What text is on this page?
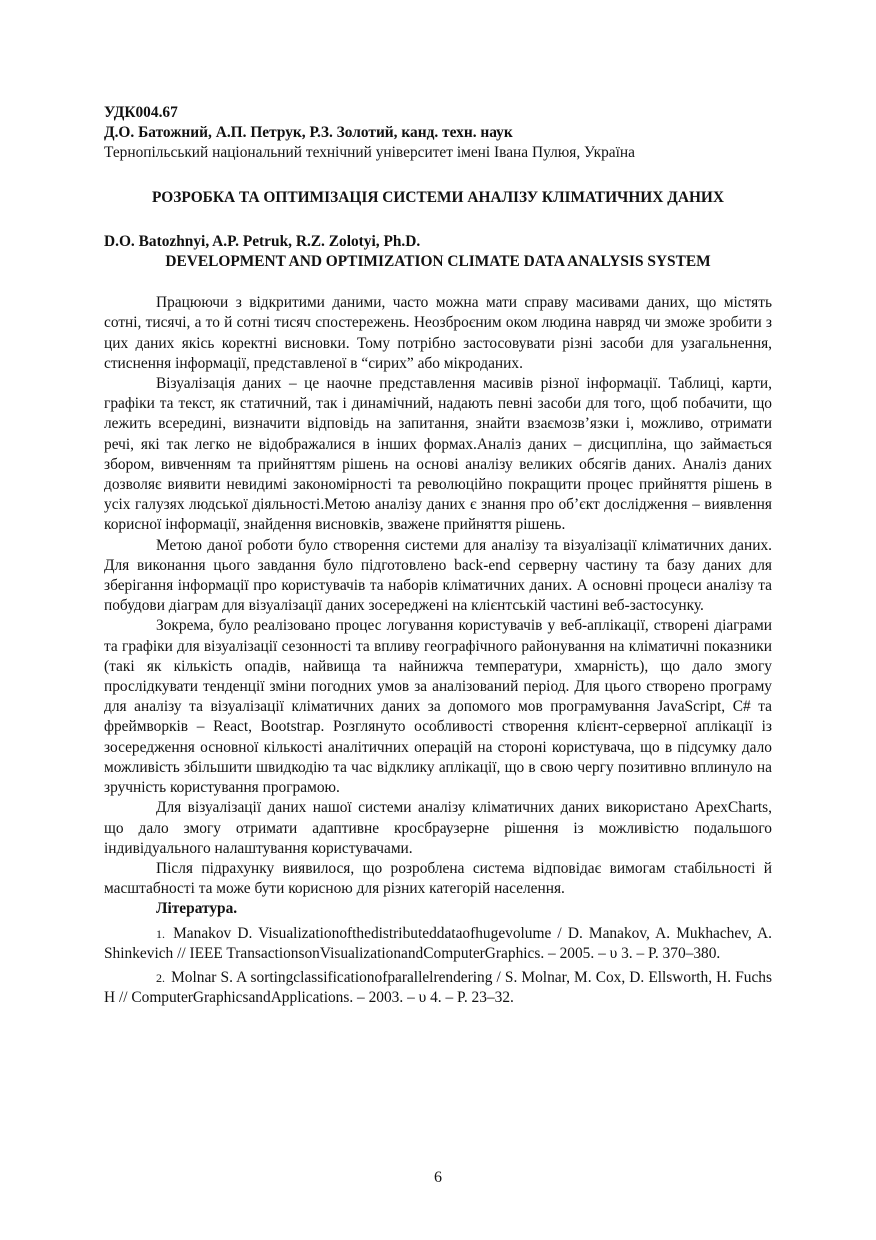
УДК004.67

Д.О. Батожний, А.П. Петрук, Р.З. Золотий, канд. техн. наук

Тернопільський національний технічний університет імені Івана Пулюя, Україна

РОЗРОБКА ТА ОПТИМІЗАЦІЯ СИСТЕМИ АНАЛІЗУ КЛІМАТИЧНИХ ДАНИХ

D.O. Batozhnyi, A.P. Petruk, R.Z. Zolotyi, Ph.D.

DEVELOPMENT AND OPTIMIZATION CLIMATE DATA ANALYSIS SYSTEM

Працюючи з відкритими даними, часто можна мати справу масивами даних, що містять сотні, тисячі, а то й сотні тисяч спостережень. Неозброєним оком людина навряд чи зможе зробити з цих даних якісь коректні висновки. Тому потрібно застосовувати різні засоби для узагальнення, стиснення інформації, представленої в “сирих” або мікроданих.

Візуалізація даних – це наочне представлення масивів різної інформації. Таблиці, карти, графіки та текст, як статичний, так і динамічний, надають певні засоби для того, щоб побачити, що лежить всередині, визначити відповідь на запитання, знайти взаємозв’язки і, можливо, отримати речі, які так легко не відображалися в інших формах.Аналіз даних – дисципліна, що займається збором, вивченням та прийняттям рішень на основі аналізу великих обсягів даних. Аналіз даних дозволяє виявити невидимі закономірності та революційно покращити процес прийняття рішень в усіх галузях людської діяльності.Метою аналізу даних є знання про об’єкт дослідження – виявлення корисної інформації, знайдення висновків, зважене прийняття рішень.

Метою даної роботи було створення системи для аналізу та візуалізації кліматичних даних. Для виконання цього завдання було підготовлено back-end серверну частину та базу даних для зберігання інформації про користувачів та наборів кліматичних даних. А основні процеси аналізу та побудови діаграм для візуалізації даних зосереджені на клієнтській частині веб-застосунку.

Зокрема, було реалізовано процес логування користувачів у веб-аплікації, створені діаграми та графіки для візуалізації сезонності та впливу географічного районування на кліматичні показники (такі як кількість опадів, найвища та найнижча температури, хмарність), що дало змогу прослідкувати тенденції зміни погодних умов за аналізований період. Для цього створено програму для аналізу та візуалізації кліматичних даних за допомого мов програмування JavaScript, C# та фреймворків – React, Bootstrap. Розглянуто особливості створення клієнт-серверної аплікації із зосередження основної кількості аналітичних операцій на стороні користувача, що в підсумку дало можливість збільшити швидкодію та час відклику аплікації, що в свою чергу позитивно вплинуло на зручність користування програмою.

Для візуалізації даних нашої системи аналізу кліматичних даних використано ApexCharts, що дало змогу отримати адаптивне кросбраузерне рішення із можливістю подальшого індивідуального налаштування користувачами.

Після підрахунку виявилося, що розроблена система відповідає вимогам стабільності й масштабності та може бути корисною для різних категорій населення.

Література.

1. Manakov D. Visualizationofthedistributeddataofhugevolume / D. Manakov, A. Mukhachev, A. Shinkevich // IEEE TransactionsonVisualizationandComputerGraphics. – 2005. – υ 3. – P. 370–380.

2. Molnar S. A sortingclassificationofparallelrendering / S. Molnar, M. Cox, D. Ellsworth, H. Fuchs H // ComputerGraphicsandApplications. – 2003. – υ 4. – P. 23–32.

6
